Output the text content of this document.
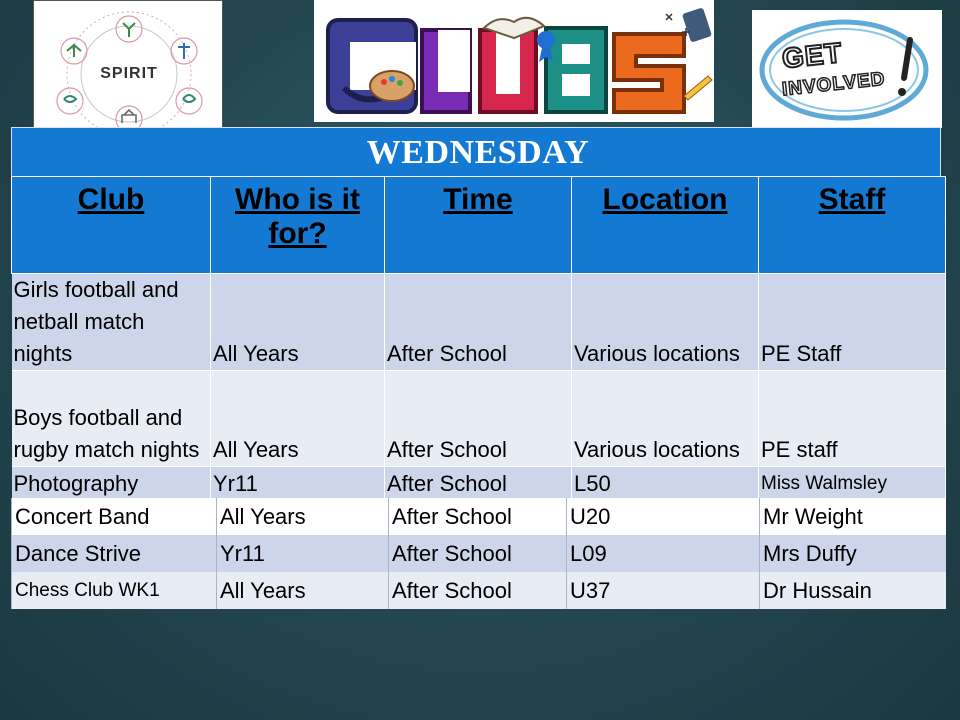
SPIRIT	GET
INVOLVED
WEDNESDAY
Club	Who is it for?	Time	Location	Staff
Girls football and netball match nights	All Years	After School	Various locations	PE Staff
Boys football and rugby match nights	All Years	After School	Various locations	PE staff
Photography	Yr11	After School	L50	Miss Walmsley
Concert Band	All Years	After School	U20	Mr Weight
Dance Strive	Yr11	After School	L09	Mrs Duffy
Chess Club WK1	All Years	After School	U37	Dr Hussain
